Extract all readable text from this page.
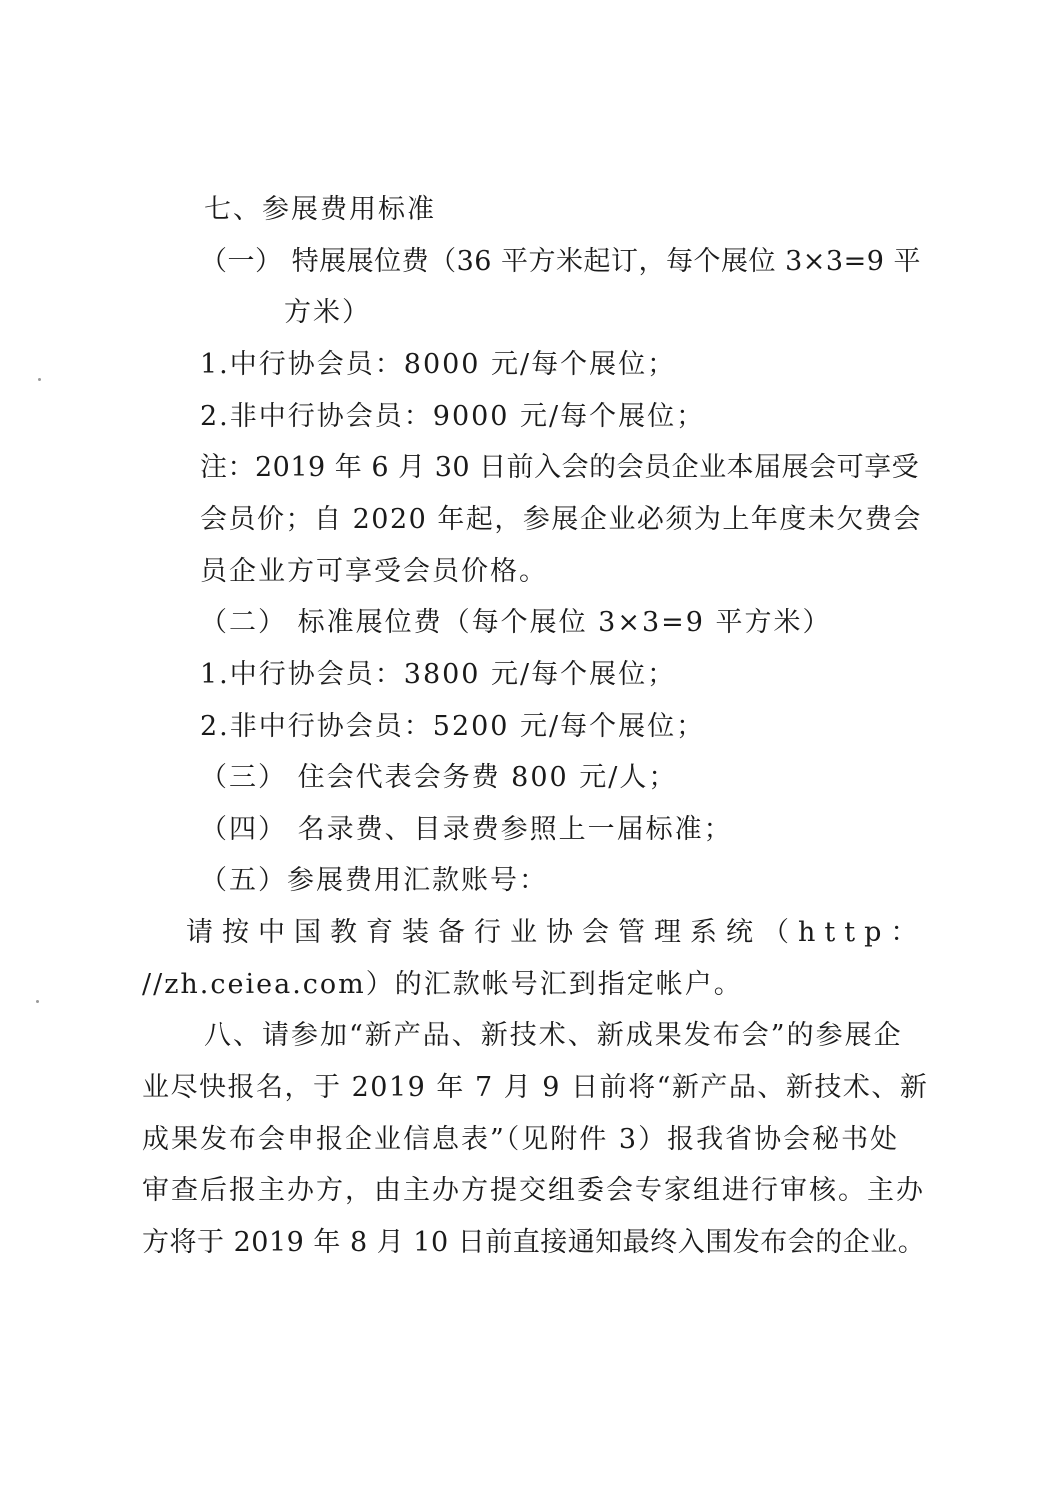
七、参展费用标准
（一） 特展展位费（36 平方米起订，每个展位 3×3=9 平
方米）
1.中行协会员：8000 元/每个展位；
2.非中行协会员：9000 元/每个展位；
注：2019 年 6 月 30 日前入会的会员企业本届展会可享受
会员价；自 2020 年起，参展企业必须为上年度未欠费会
员企业方可享受会员价格。
（二） 标准展位费（每个展位 3×3=9 平方米）
1.中行协会员：3800 元/每个展位；
2.非中行协会员：5200 元/每个展位；
（三） 住会代表会务费 800 元/人；
（四） 名录费、目录费参照上一届标准；
（五）参展费用汇款账号：
请按中国教育装备行业协会管理系统（http：
//zh.ceiea.com）的汇款帐号汇到指定帐户。
八、请参加“新产品、新技术、新成果发布会”的参展企
业尽快报名，于 2019 年 7 月 9 日前将“新产品、新技术、新
成果发布会申报企业信息表”（见附件 3）报我省协会秘书处
审查后报主办方，由主办方提交组委会专家组进行审核。主办
方将于 2019 年 8 月 10 日前直接通知最终入围发布会的企业。
